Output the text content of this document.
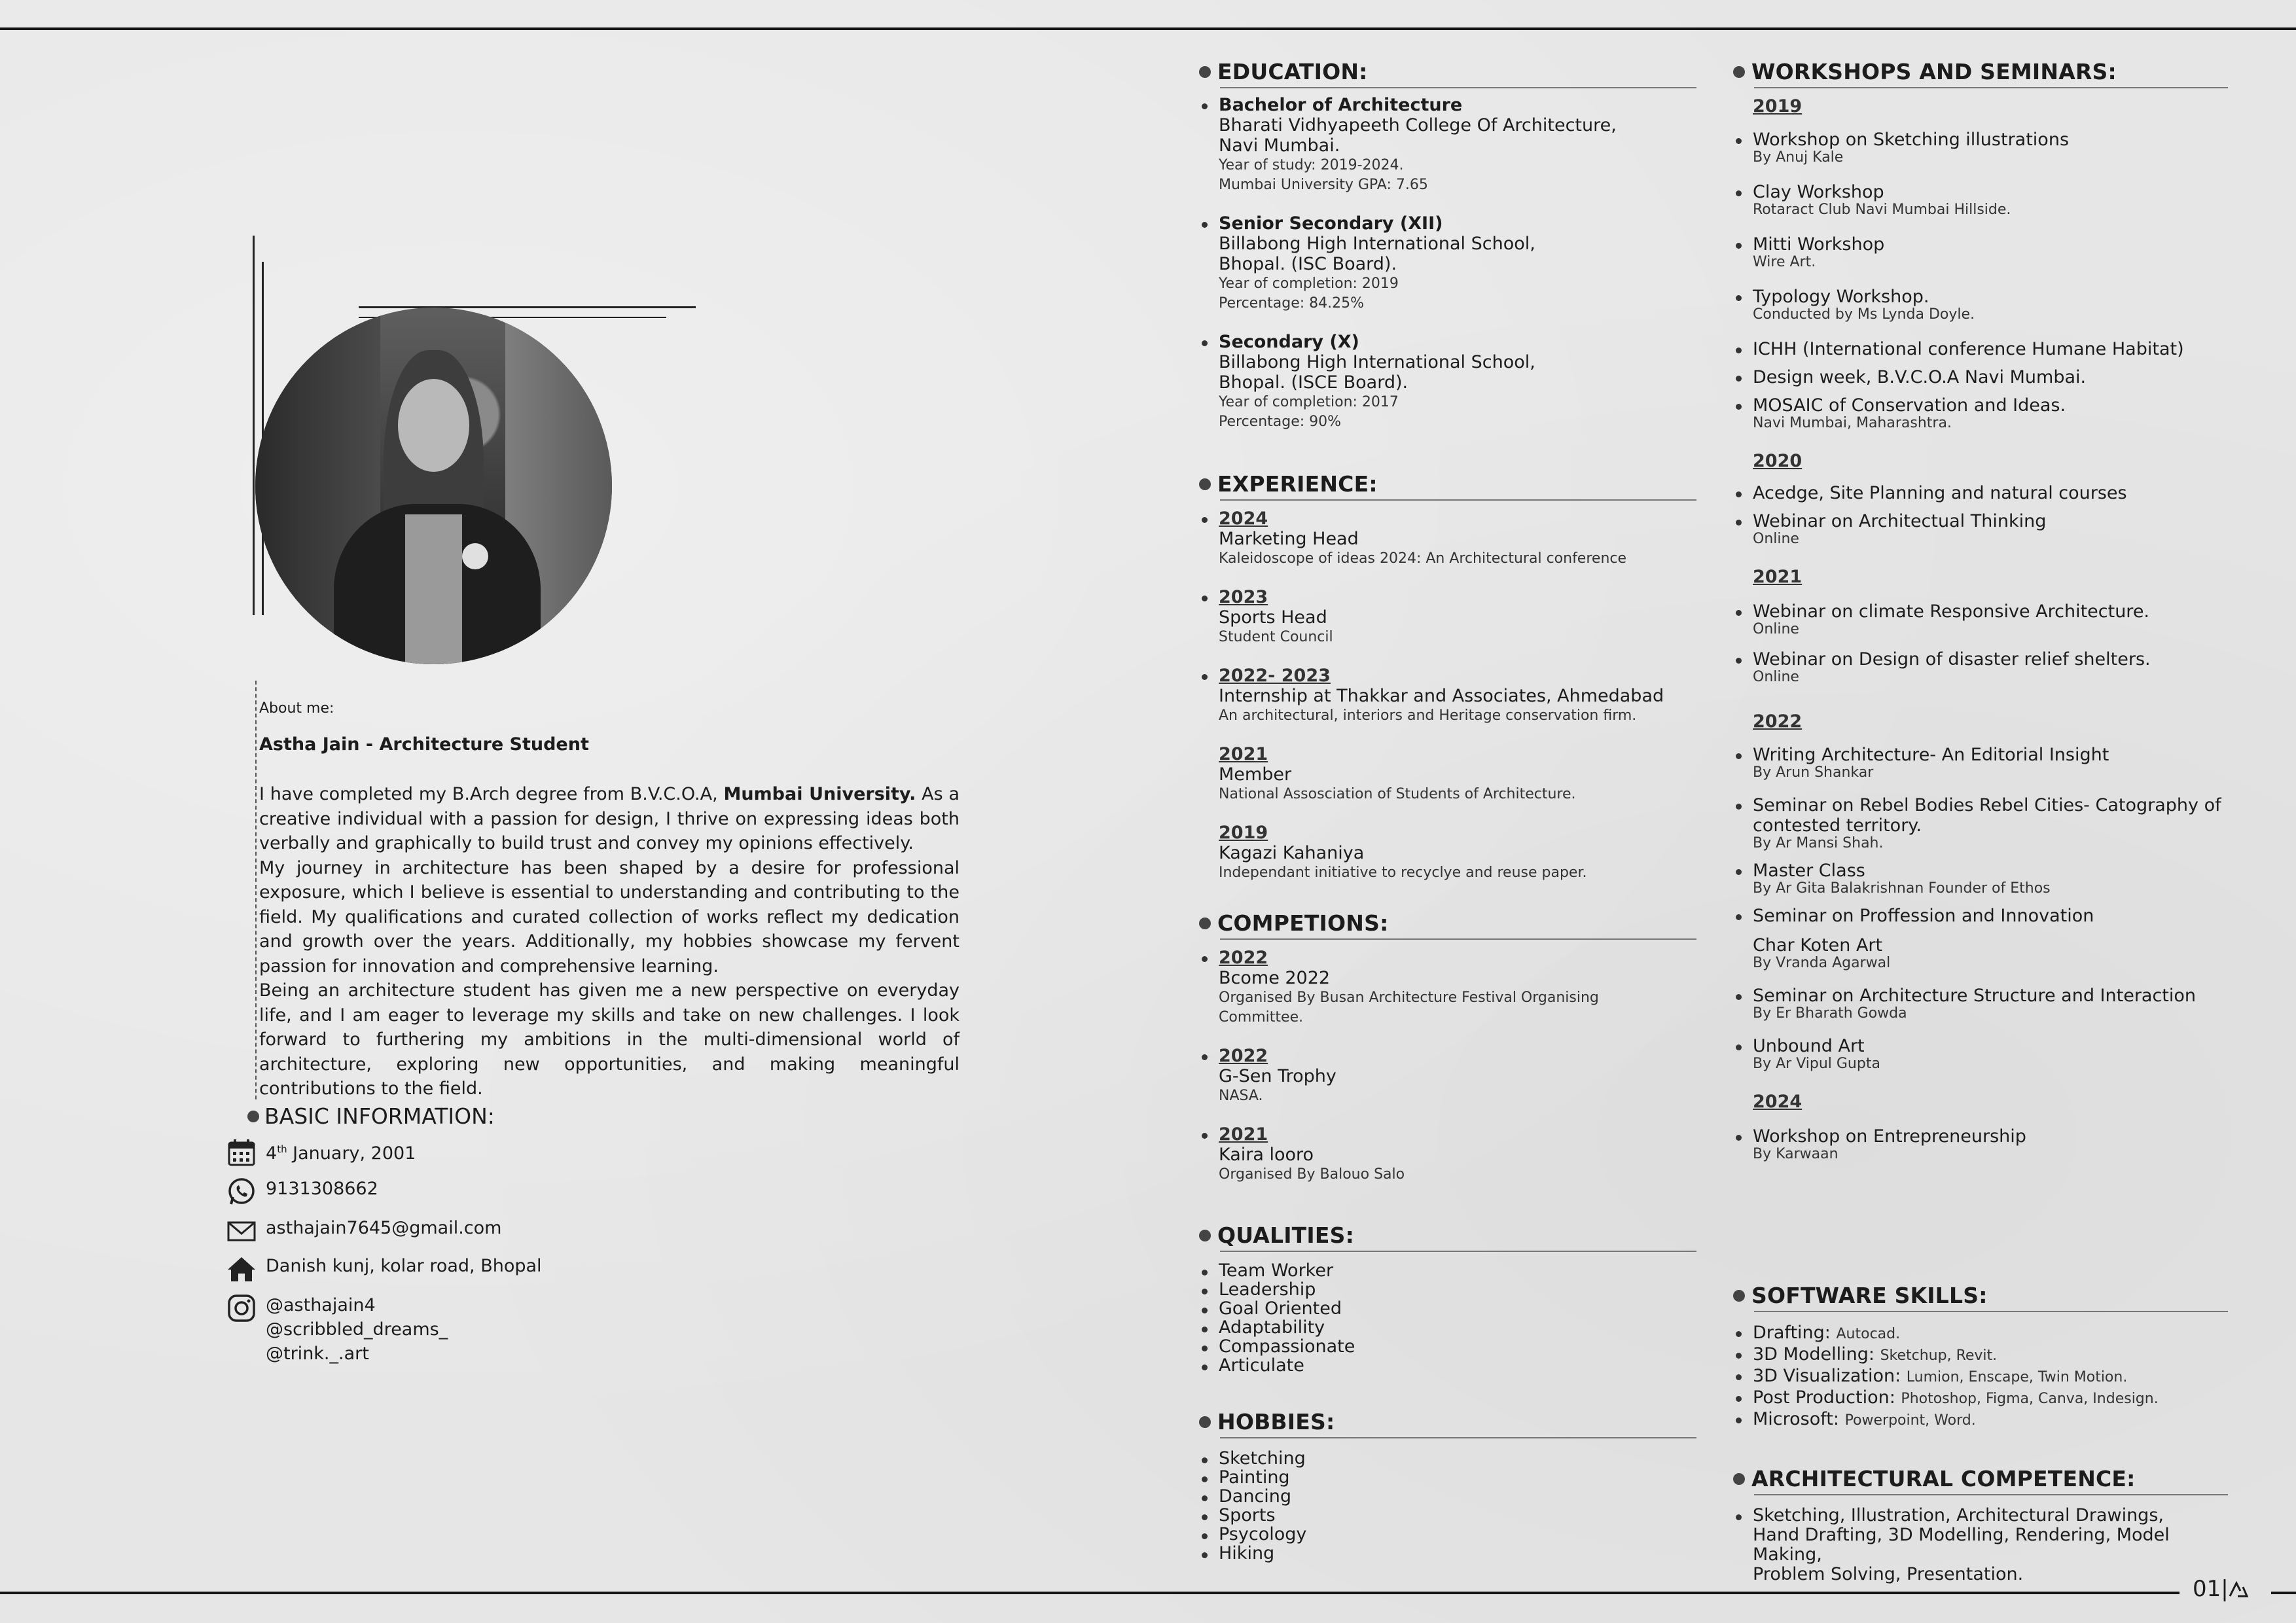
01|
About me:
Astha Jain - Architecture Student

I have completed my B.Arch degree from B.V.C.O.A, Mumbai University. As a creative individual with a passion for design, I thrive on expressing ideas both verbally and graphically to build trust and convey my opinions effectively.

My journey in architecture has been shaped by a desire for professional exposure, which I believe is essential to understanding and contributing to the field. My qualifications and curated collection of works reflect my dedication and growth over the years. Additionally, my hobbies showcase my fervent passion for innovation and comprehensive learning.

Being an architecture student has given me a new perspective on everyday life, and I am eager to leverage my skills and take on new challenges. I look forward to furthering my ambitions in the multi-dimensional world of architecture, exploring new opportunities, and making meaningful contributions to the field.

BASIC INFORMATION:
4th January, 2001
9131308662
asthajain7645@gmail.com
Danish kunj, kolar road, Bhopal
@asthajain4
@scribbled_dreams_
@trink._.art
EDUCATION:
Bachelor of Architecture
Bharati Vidhyapeeth College Of Architecture,
Navi Mumbai.
Year of study: 2019-2024.
Mumbai University GPA: 7.65
Senior Secondary (XII)
Billabong High International School,
Bhopal. (ISC Board).
Year of completion: 2019
Percentage: 84.25%
Secondary (X)
Billabong High International School,
Bhopal. (ISCE Board).
Year of completion: 2017
Percentage: 90%
EXPERIENCE:
2024
Marketing Head
Kaleidoscope of ideas 2024: An Architectural conference
2023
Sports Head
Student Council
2022- 2023
Internship at Thakkar and Associates, Ahmedabad
An architectural, interiors and Heritage conservation firm.
2021
Member
National Assosciation of Students of Architecture.
2019
Kagazi Kahaniya
Independant initiative to recyclye and reuse paper.
COMPETIONS:
2022
Bcome 2022
Organised By Busan Architecture Festival Organising
Committee.
2022
G-Sen Trophy
NASA.
2021
Kaira looro
Organised By Balouo Salo
QUALITIES:
Team Worker
Leadership
Goal Oriented
Adaptability
Compassionate
Articulate
HOBBIES:
Sketching
Painting
Dancing
Sports
Psycology
Hiking
WORKSHOPS AND SEMINARS:
2019
Workshop on Sketching illustrations
By Anuj Kale
Clay Workshop
Rotaract Club Navi Mumbai Hillside.
Mitti Workshop
Wire Art.
Typology Workshop.
Conducted by Ms Lynda Doyle.
ICHH (International conference Humane Habitat)
Design week, B.V.C.O.A Navi Mumbai.
MOSAIC of Conservation and Ideas.
Navi Mumbai, Maharashtra.
2020
Acedge, Site Planning and natural courses
Webinar on Architectual Thinking
Online
2021
Webinar on climate Responsive Architecture.
Online
Webinar on Design of disaster relief shelters.
Online
2022
Writing Architecture- An Editorial Insight
By Arun Shankar
Seminar on Rebel Bodies Rebel Cities- Catography of
contested territory.
By Ar Mansi Shah.
Master Class
By Ar Gita Balakrishnan Founder of Ethos
Seminar on Proffession and Innovation
Char Koten Art
By Vranda Agarwal
Seminar on Architecture Structure and Interaction
By Er Bharath Gowda
Unbound Art
By Ar Vipul Gupta
2024
Workshop on Entrepreneurship
By Karwaan
SOFTWARE SKILLS:
Drafting: Autocad.
3D Modelling: Sketchup, Revit.
3D Visualization: Lumion, Enscape, Twin Motion.
Post Production: Photoshop, Figma, Canva, Indesign.
Microsoft: Powerpoint, Word.
ARCHITECTURAL COMPETENCE:
Sketching, Illustration, Architectural Drawings,
Hand Drafting, 3D Modelling, Rendering, Model Making,
Problem Solving, Presentation.
